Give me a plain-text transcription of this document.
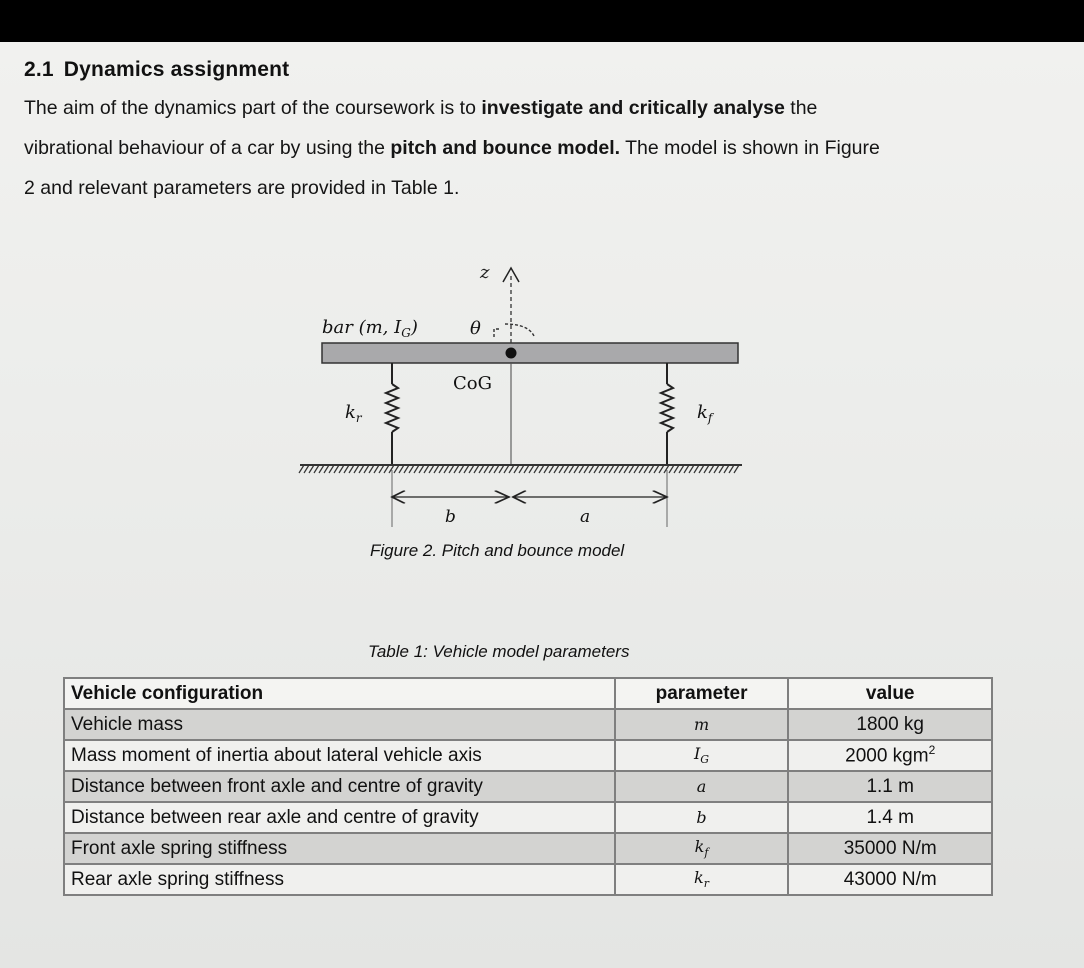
2.1 Dynamics assignment
The aim of the dynamics part of the coursework is to investigate and critically analyse the
vibrational behaviour of a car by using the pitch and bounce model. The model is shown in Figure
2 and relevant parameters are provided in Table 1.
z
bar (m, $I_G$)	θ
CoG
$k_r$	$k_f$
b	a
Figure 2. Pitch and bounce model
Table 1: Vehicle model parameters
Vehicle configuration	parameter	value
Vehicle mass	m	1800 kg
Mass moment of inertia about lateral vehicle axis	$I_G$	2000 kgm$^2$
Distance between front axle and centre of gravity	a	1.1 m
Distance between rear axle and centre of gravity	b	1.4 m
Front axle spring stiffness	$k_f$	35000 N/m
Rear axle spring stiffness	$k_r$	43000 N/m
